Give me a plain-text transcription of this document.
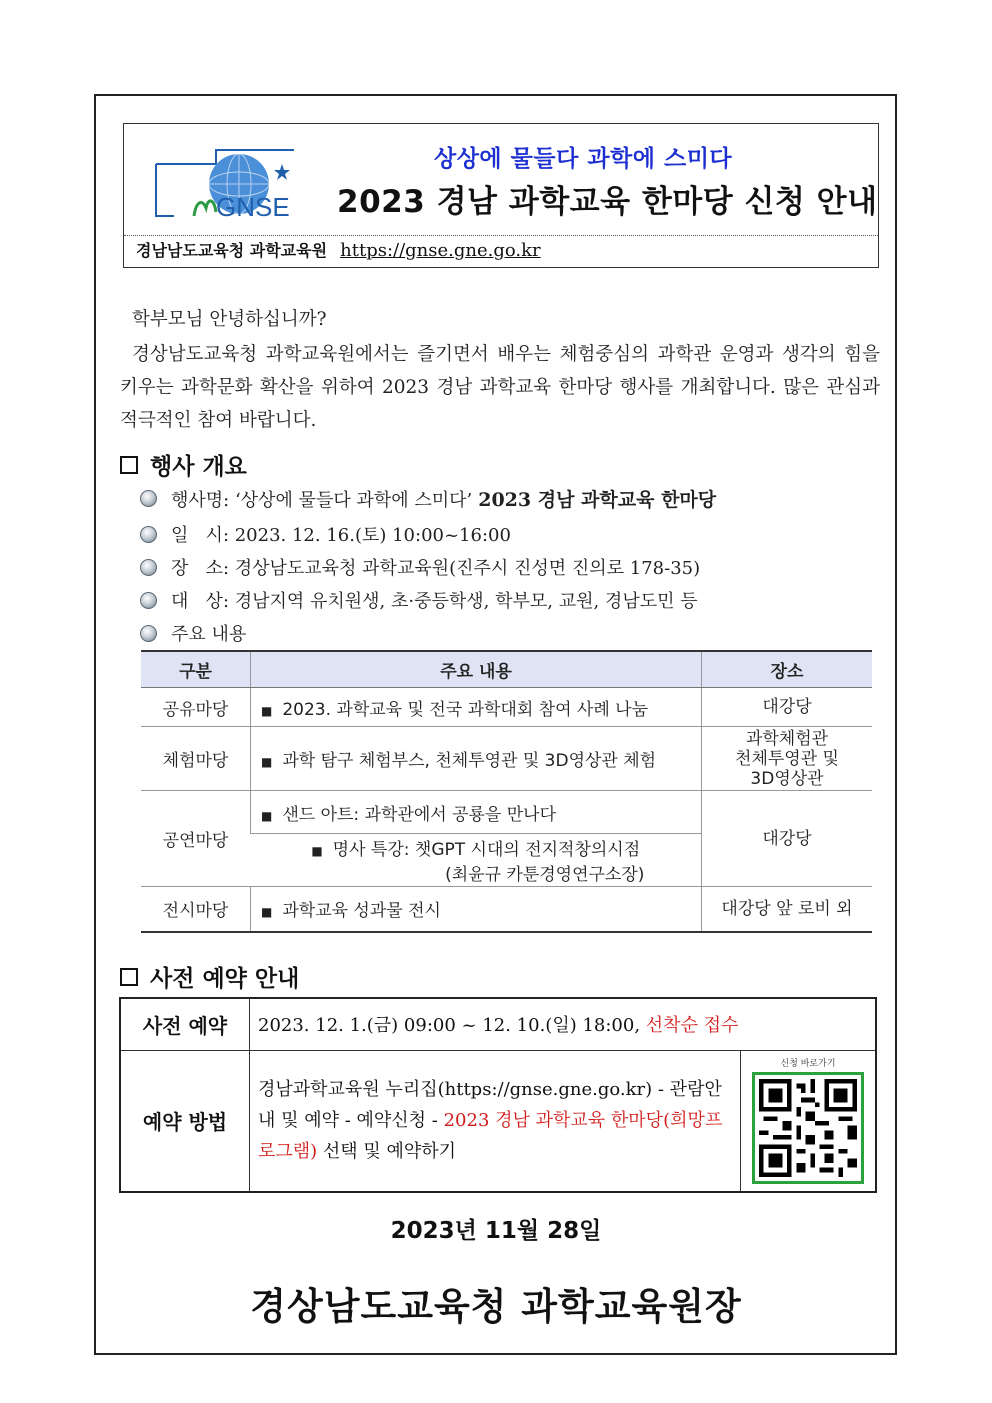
GNSE
상상에 물들다 과학에 스미다
2023 경남 과학교육 한마당 신청 안내
경남남도교육청 과학교육원 https://gnse.gne.go.kr
학부모님 안녕하십니까?
경상남도교육청 과학교육원에서는 즐기면서 배우는 체험중심의 과학관 운영과 생각의 힘을 키우는 과학문화 확산을 위하여 2023 경남 과학교육 한마당 행사를 개최합니다. 많은 관심과 적극적인 참여 바랍니다.
행사 개요
행사명: ‘상상에 물들다 과학에 스미다’ 2023 경남 과학교육 한마당
일   시: 2023. 12. 16.(토) 10:00~16:00
장   소: 경상남도교육청 과학교육원(진주시 진성면 진의로 178-35)
대   상: 경남지역 유치원생, 초·중등학생, 학부모, 교원, 경남도민 등
주요 내용
구분	주요 내용	장소
공유마당	■ 2023. 과학교육 및 전국 과학대회 참여 사례 나눔	대강당
체험마당	■ 과학 탐구 체험부스, 천체투영관 및 3D영상관 체험	과학체험관
천체투영관 및
3D영상관

공연마당	■ 샌드 아트: 과학관에서 공룡을 만나다	대강당

	■ 명사 특강: 챗GPT 시대의 전지적창의시점
(최윤규 카툰경영연구소장)	

전시마당	■ 과학교육 성과물 전시	대강당 앞 로비 외
사전 예약 안내
사전 예약	2023. 12. 1.(금) 09:00 ~ 12. 10.(일) 18:00, 선착순 접수	
예약 방법	경남과학교육원 누리집(https://gnse.gne.go.kr) - 관람안내 및 예약 - 예약신청 - 2023 경남 과학교육 한마당(희망프로그램) 선택 및 예약하기	신청 바로가기
2023년 11월 28일
경상남도교육청 과학교육원장
